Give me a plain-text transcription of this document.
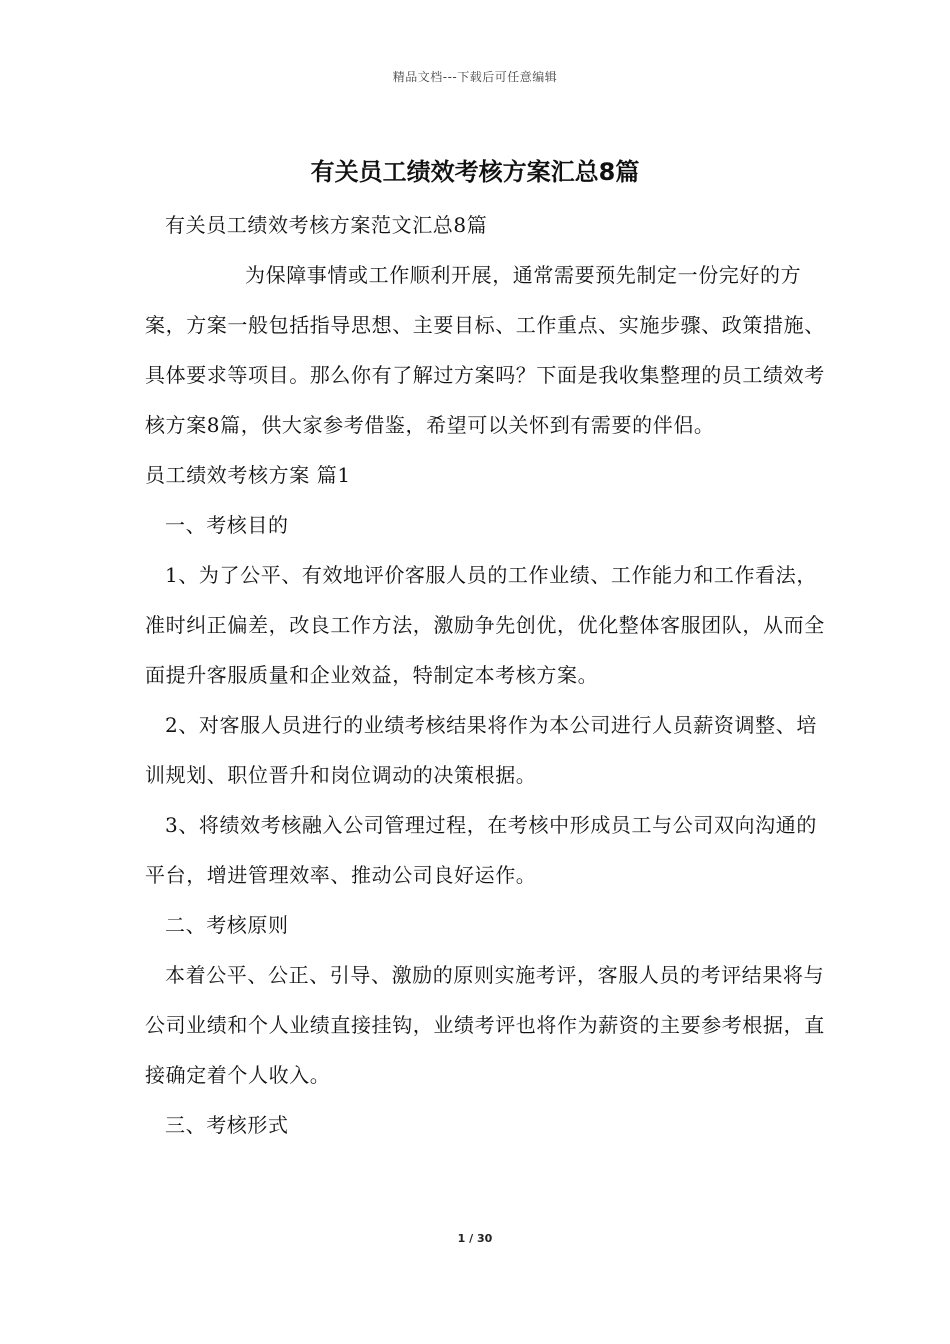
精品文档---下载后可任意编辑
有关员工绩效考核方案汇总8篇

有关员工绩效考核方案范文汇总8篇

为保障事情或工作顺利开展，通常需要预先制定一份完好的方案，方案一般包括指导思想、主要目标、工作重点、实施步骤、政策措施、具体要求等项目。那么你有了解过方案吗？下面是我收集整理的员工绩效考核方案8篇，供大家参考借鉴，希望可以关怀到有需要的伴侣。

员工绩效考核方案 篇1

一、考核目的

1、为了公平、有效地评价客服人员的工作业绩、工作能力和工作看法，准时纠正偏差，改良工作方法，激励争先创优，优化整体客服团队，从而全面提升客服质量和企业效益，特制定本考核方案。

2、对客服人员进行的业绩考核结果将作为本公司进行人员薪资调整、培训规划、职位晋升和岗位调动的决策根据。

3、将绩效考核融入公司管理过程，在考核中形成员工与公司双向沟通的平台，增进管理效率、推动公司良好运作。

二、考核原则

本着公平、公正、引导、激励的原则实施考评，客服人员的考评结果将与公司业绩和个人业绩直接挂钩，业绩考评也将作为薪资的主要参考根据，直接确定着个人收入。

三、考核形式

1 / 30
